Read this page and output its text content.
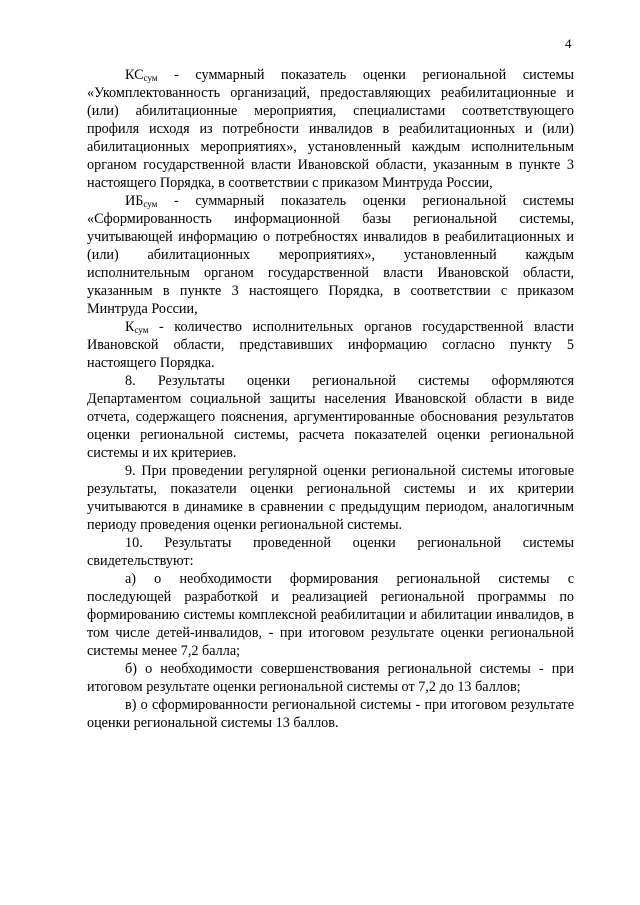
4

$КС_{сум}$ - суммарный показатель оценки региональной системы «Укомплектованность организаций, предоставляющих реабилитационные и (или) абилитационные мероприятия, специалистами соответствующего профиля исходя из потребности инвалидов в реабилитационных и (или) абилитационных мероприятиях», установленный каждым исполнительным органом государственной власти Ивановской области, указанным в пункте 3 настоящего Порядка, в соответствии с приказом Минтруда России,

$ИБ_{сум}$ - суммарный показатель оценки региональной системы «Сформированность информационной базы региональной системы, учитывающей информацию о потребностях инвалидов в реабилитационных и (или) абилитационных мероприятиях», установленный каждым исполнительным органом государственной власти Ивановской области, указанным в пункте 3 настоящего Порядка, в соответствии с приказом Минтруда России,

$К_{сум}$ - количество исполнительных органов государственной власти Ивановской области, представивших информацию согласно пункту 5 настоящего Порядка.

8. Результаты оценки региональной системы оформляются Департаментом социальной защиты населения Ивановской области в виде отчета, содержащего пояснения, аргументированные обоснования результатов оценки региональной системы, расчета показателей оценки региональной системы и их критериев.

9. При проведении регулярной оценки региональной системы итоговые результаты, показатели оценки региональной системы и их критерии учитываются в динамике в сравнении с предыдущим периодом, аналогичным периоду проведения оценки региональной системы.

10. Результаты проведенной оценки региональной системы свидетельствуют:

а) о необходимости формирования региональной системы с последующей разработкой и реализацией региональной программы по формированию системы комплексной реабилитации и абилитации инвалидов, в том числе детей-инвалидов, - при итоговом результате оценки региональной системы менее 7,2 балла;

б) о необходимости совершенствования региональной системы - при итоговом результате оценки региональной системы от 7,2 до 13 баллов;

в) о сформированности региональной системы - при итоговом результате оценки региональной системы 13 баллов.
